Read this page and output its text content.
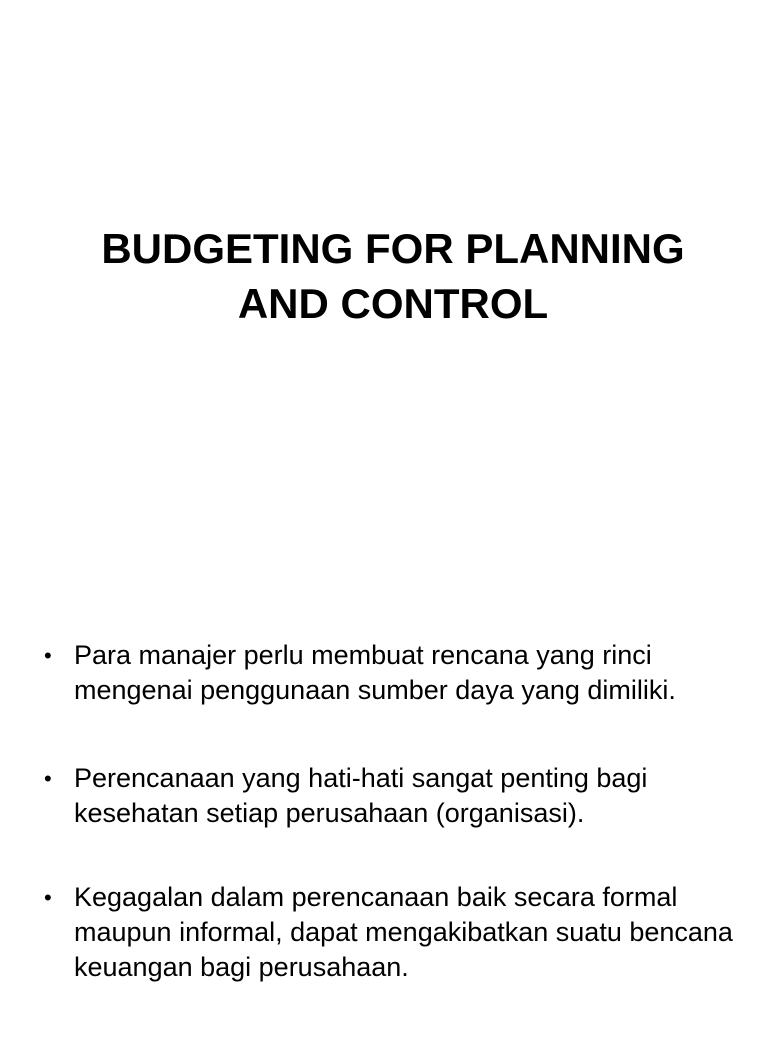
BUDGETING FOR PLANNING
AND CONTROL
• Para manajer perlu membuat rencana yang rinci mengenai penggunaan sumber daya yang dimiliki.
• Perencanaan yang hati-hati sangat penting bagi kesehatan setiap perusahaan (organisasi).
• Kegagalan dalam perencanaan baik secara formal maupun informal, dapat mengakibatkan suatu bencana keuangan bagi perusahaan.
